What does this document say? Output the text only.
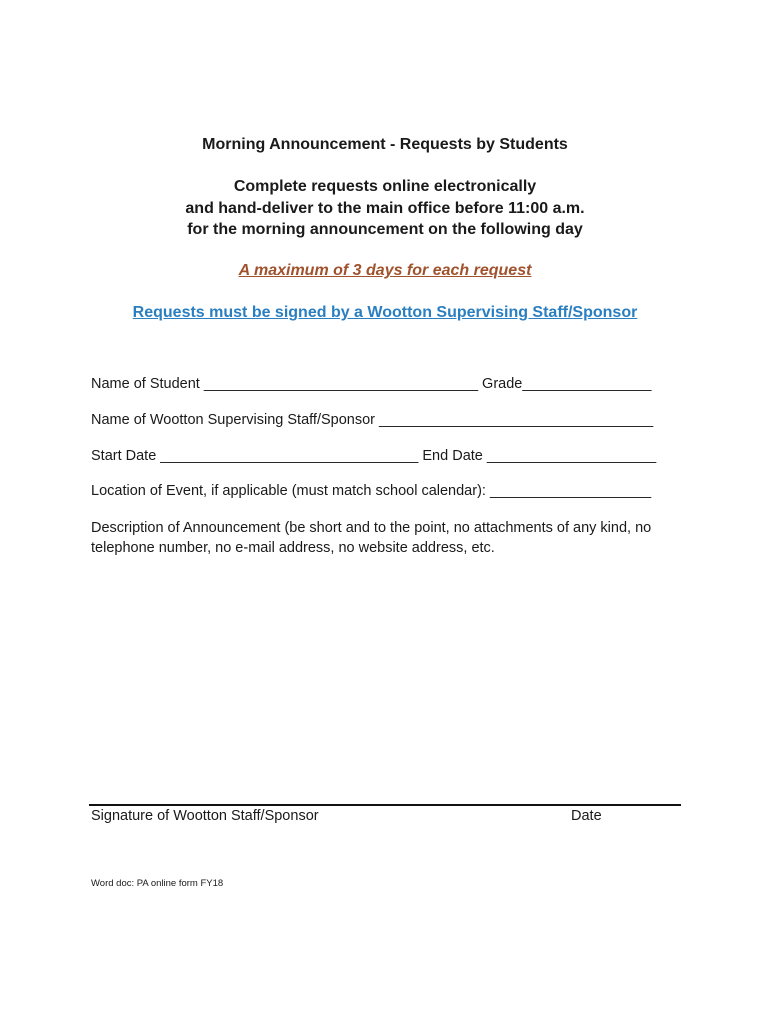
Morning Announcement - Requests by Students
Complete requests online electronically
and hand-deliver to the main office before 11:00 a.m.
for the morning announcement on the following day
A maximum of 3 days for each request
Requests must be signed by a Wootton Supervising Staff/Sponsor
Name of Student __________________________________ Grade________________
Name of Wootton Supervising Staff/Sponsor __________________________________
Start Date ________________________________ End Date _____________________
Location of Event, if applicable (must match school calendar): ____________________
Description of Announcement (be short and to the point, no attachments of any kind, no telephone number, no e-mail address, no website address, etc.
Signature of Wootton Staff/Sponsor	Date
Word doc: PA online form FY18
